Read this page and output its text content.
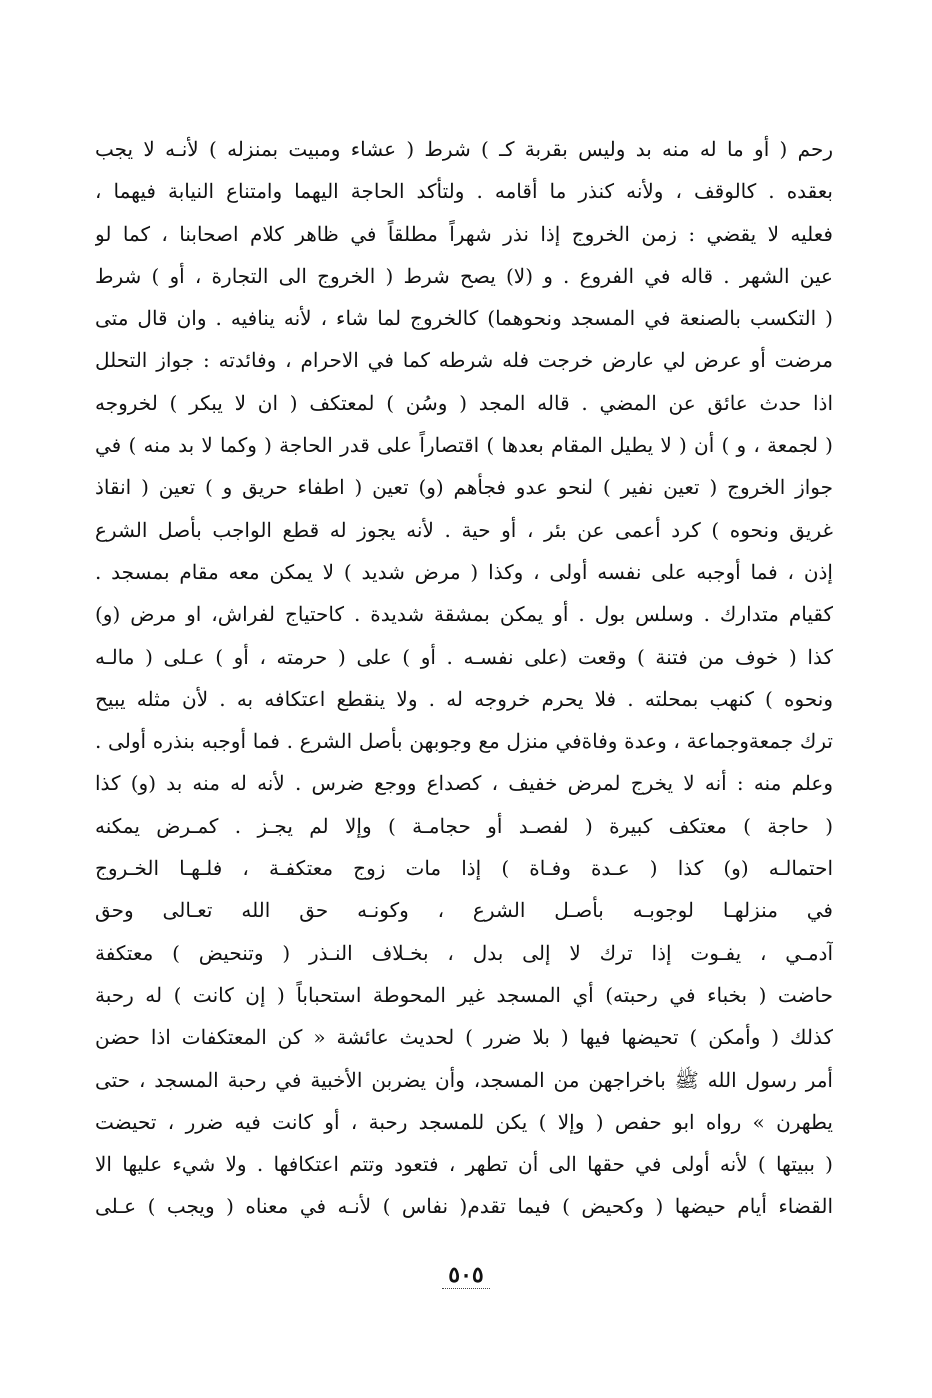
رحم ( أو ما له منه بد وليس بقربة كـ ) شرط ( عشاء ومبيت بمنزله ) لأنـه لا يجب
بعقده . كالوقف ، ولأنه كنذر ما أقامه . ولتأكد الحاجة اليهما وامتناع النيابة فيهما ،
فعليه لا يقضي : زمن الخروج إذا نذر شهراً مطلقاً في ظاهر كلام اصحابنا ، كما لو
عين الشهر . قاله في الفروع . و (لا) يصح شرط ( الخروج الى التجارة ، أو ) شرط
( التكسب بالصنعة في المسجد ونحوهما) كالخروج لما شاء ، لأنه ينافيه . وان قال متى
مرضت أو عرض لي عارض خرجت فله شرطه كما في الاحرام ، وفائدته : جواز التحلل
اذا حدث عائق عن المضي . قاله المجد ( وسُن ) لمعتكف ( ان لا يبكر ) لخروجه
( لجمعة ، و ) أن ( لا يطيل المقام بعدها ) اقتصاراً على قدر الحاجة ( وكما لا بد منه ) في
جواز الخروج ( تعين نفير ) لنحو عدو فجأهم (و) تعين ( اطفاء حريق و ) تعين ( انقاذ
غريق ونحوه ) كرد أعمى عن بئر ، أو حية . لأنه يجوز له قطع الواجب بأصل الشرع
إذن ، فما أوجبه على نفسه أولى ، وكذا ( مرض شديد ) لا يمكن معه مقام بمسجد .
كقيام متدارك . وسلس بول . أو يمكن بمشقة شديدة . كاحتياج لفراش، او مرض (و)
كذا ( خوف من فتنة ) وقعت (على نفسـه . أو ) على ( حرمته ، أو ) عـلى ( مالـه
ونحوه ) كنهب بمحلته . فلا يحرم خروجه له . ولا ينقطع اعتكافه به . لأن مثله يبيح
ترك جمعةوجماعة ، وعدة وفاةفي منزل مع وجوبهن بأصل الشرع . فما أوجبه بنذره أولى .
وعلم منه : أنه لا يخرج لمرض خفيف ، كصداع ووجع ضرس . لأنه له منه بد (و) كذا
( حاجة ) معتكف كبيرة ( لفصـد أو حجامـة ) وإلا لم يجـز . كمـرض يمكنه
احتمالـه (و) كذا ( عـدة وفـاة ) إذا مات زوج معتكفـة ، فلـهـا الخـروج
في منزلهـا لوجوبـه بأصـل الشرع ، وكونـه حق الله تعـالى وحق
آدمـي ، يفـوت إذا ترك لا إلى بدل ، بخـلاف النـذر ( وتنحيض ) معتكفة
حاضت ( بخباء في رحبته) أي المسجد غير المحوطة استحباباً ( إن كانت ) له رحبة
كذلك ( وأمكن ) تحيضها فيها ( بلا ضرر ) لحديث عائشة « كن المعتكفات اذا حضن
أمر رسول الله ﷺ باخراجهن من المسجد، وأن يضربن الأخبية في رحبة المسجد ، حتى
يطهرن » رواه ابو حفص ( وإلا ) يكن للمسجد رحبة ، أو كانت فيه ضرر ، تحيضت
( ببيتها ) لأنه أولى في حقها الى أن تطهر ، فتعود وتتم اعتكافها . ولا شيء عليها الا
القضاء أيام حيضها ( وكحيض ) فيما تقدم( نفاس ) لأنـه في معناه ( ويجب ) عـلى
٥٠٥
